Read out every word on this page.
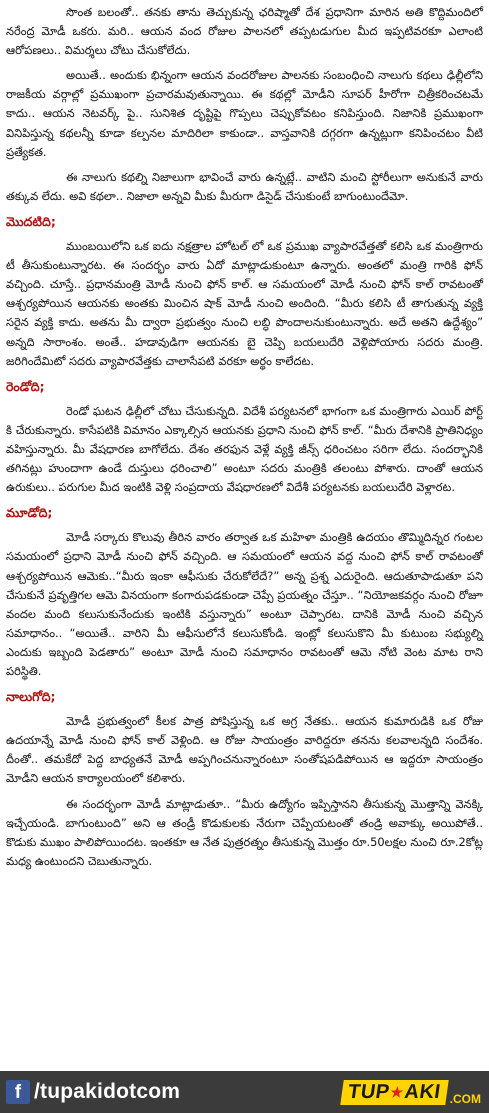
సొంత బలంతో.. తనకు తాను తెచ్చుకున్న ఛరిష్మాతో దేశ ప్రధానిగా మారిన అతి కొద్దిమందిలో నరేంద్ర మోడీ ఒకరు. మరి.. ఆయన వంద రోజుల పాలనలో తప్పటడుగుల మీద ఇప్పటివరకూ ఎలాంటి ఆరోపణలు.. విమర్శలు చోటు చేసుకోలేదు.

అయితే.. అందుకు భిన్నంగా ఆయన వందరోజుల పాలనకు సంబంధించి నాలుగు కథలు ఢిల్లీలోని రాజకీయ వర్గాల్లో ప్రముఖంగా ప్రచారమవుతున్నాయి. ఈ కథల్లో మోడీని సూపర్ హీరోగా చిత్రీకరించటమే కాదు.. ఆయన నెటవర్క్ పై.. సునిశిత దృష్టిపై గొప్పలు చెప్పుకోవటం కనిపిస్తుంది. నిజానికి ప్రముఖంగా వినిపిస్తున్న కథలన్నీ కూడా కల్పనల మాదిరిలా కాకుండా.. వాస్తవానికి దగ్గరగా ఉన్నట్లుగా కనిపించటం వీటి ప్రత్యేకత.

ఈ నాలుగు కథల్ని నిజాలుగా భావించే వారు ఉన్నట్లే.. వాటిని మంచి స్టోరీలుగా అనుకునే వారు తక్కువ లేదు. అవి కథలా.. నిజాలా అన్నవి మీకు మీరుగా డిసైడ్ చేసుకుంటే బాగుంటుందేమో.

మొదటిది;

ముంబయిలోని ఒక ఐదు నక్షత్రాల హోటల్ లో ఒక ప్రముఖ వ్యాపారవేత్తతో కలిసి ఒక మంత్రిగారు టీ తీసుకుంటున్నారట. ఈ సందర్భం వారు ఏదో మాట్లాడుకుంటూ ఉన్నారు. అంతలో మంత్రి గారికి ఫోన్ వచ్చింది. చూస్తే.. ప్రధానమంత్రి మోడీ నుంచి ఫోన్ కాల్. ఆ సమయంలో మోడీ నుంచి ఫోన్ కాల్ రావటంతో ఆశ్చర్యపోయిన ఆయనకు అంతకు మించిన షాక్ మోడీ నుంచి అందింది. “మీరు కలిసి టీ తాగుతున్న వ్యక్తి సరైన వ్యక్తి కాదు. అతను మీ ద్వారా ప్రభుత్వం నుంచి లబ్ధి పొందాలనుకుంటున్నారు. అదే అతని ఉద్దేశ్యం” అన్నది సారాంశం. అంతే.. హడావుడిగా ఆయనకు బై చెప్పి బయలుదేరి వెళ్లిపోయారు సదరు మంత్రి. జరిగిందేమిటో సదరు వ్యాపారవేత్తకు చాలాసేపటి వరకూ అర్థం కాలేదట.

రెండోది;

రెండో ఘటన ఢిల్లీలో చోటు చేసుకున్నది. విదేశీ పర్యటనలో భాగంగా ఒక మంత్రిగారు ఎయిర్ పోర్ట్ కి చేరుకున్నారు. కాసేపటికి విమానం ఎక్కాల్సిన ఆయనకు ప్రధాని నుంచి ఫోన్ కాల్. “మీరు దేశానికి ప్రాతినిధ్యం వహిస్తున్నారు. మీ వేషధారణ బాగోలేదు. దేశం తరఫున వెళ్లే వ్యక్తి జీన్స్ ధరించటం సరిగా లేదు. సందర్భానికి తగినట్లు హుందాగా ఉండే దుస్తులు ధరించాలి” అంటూ సదరు మంత్రికి తలంటు పోశారు. దాంతో ఆయన ఉరుకులు.. పరుగుల మీద ఇంటికి వెళ్లి సంప్రదాయ వేషధారణలో విదేశీ పర్యటనకు బయలుదేరి వెళ్లారట.

మూడోది;

మోడీ సర్కారు కొలువు తీరిన వారం తర్వాత ఒక మహిళా మంత్రికి ఉదయం తొమ్మిదిన్నర గంటల సమయంలో ప్రధాని మోడీ నుంచి ఫోన్ వచ్చింది. ఆ సమయంలో ఆయన వద్ద నుంచి ఫోన్ కాల్ రావటంతో ఆశ్చర్యపోయిన ఆమెకు..“మీరు ఇంకా ఆఫీసుకు చేరుకోలేదే?” అన్న ప్రశ్న ఎదురైంది. ఆదుతూపాడుతూ పని చేసుకునే ప్రవృత్తిగల ఆమె వినయంగా కంగారుపడకుండా చెప్పే ప్రయత్నం చేస్తూ.. “నియోజకవర్గం నుంచి రోజూ వందల మంది కలుసుకునేందుకు ఇంటికి వస్తున్నారు” అంటూ చెప్పారట. దానికి మోడీ నుంచి వచ్చిన సమాధానం.. “అయితే.. వారిని మీ ఆఫీసులోనే కలుసుకోండి. ఇంట్లో కలుసుకొని మీ కుటుంబ సభ్యుల్ని ఎందుకు ఇబ్బంది పెడతారు” అంటూ మోడీ నుంచి సమాధానం రావటంతో ఆమె నోటి వెంట మాట రాని పరిస్థితి.

నాలుగోది;

మోడీ ప్రభుత్వంలో కీలక పాత్ర పోషిస్తున్న ఒక అగ్ర నేతకు.. ఆయన కుమారుడికి ఒక రోజు ఉదయాన్నే మోడీ నుంచి ఫోన్ కాల్ వెళ్లింది. ఆ రోజు సాయంత్రం వారిద్దరూ తనను కలవాలన్నది సందేశం. దీంతో.. తమకేదో పెద్ద బాధ్యతనే మోడీ అప్పగించనున్నారంటూ సంతోషపడిపోయిన ఆ ఇద్దరూ సాయంత్రం మోడీని ఆయన కార్యాలయంలో కలిశారు.

ఈ సందర్భంగా మోడీ మాట్లాడుతూ.. “మీరు ఉద్యోగం ఇప్పిస్తానని తీసుకున్న మొత్తాన్ని వెనక్కి ఇచ్చేయండి. బాగుంటుంది” అని ఆ తండ్రీ కొడుకులకు నేరుగా చెప్పేయటంతో తండ్రి అవాక్కు అయిపోతే.. కొడుకు ముఖం పాలిపోయిందట. ఇంతకూ ఆ నేత పుత్రరత్నం తీసుకున్న మొత్తం రూ.50లక్షల నుంచి రూ.2కోట్ల మధ్య ఉంటుందని చెబుతున్నారు.

f /tupakidotcom	TUP
★
AKI .COM
